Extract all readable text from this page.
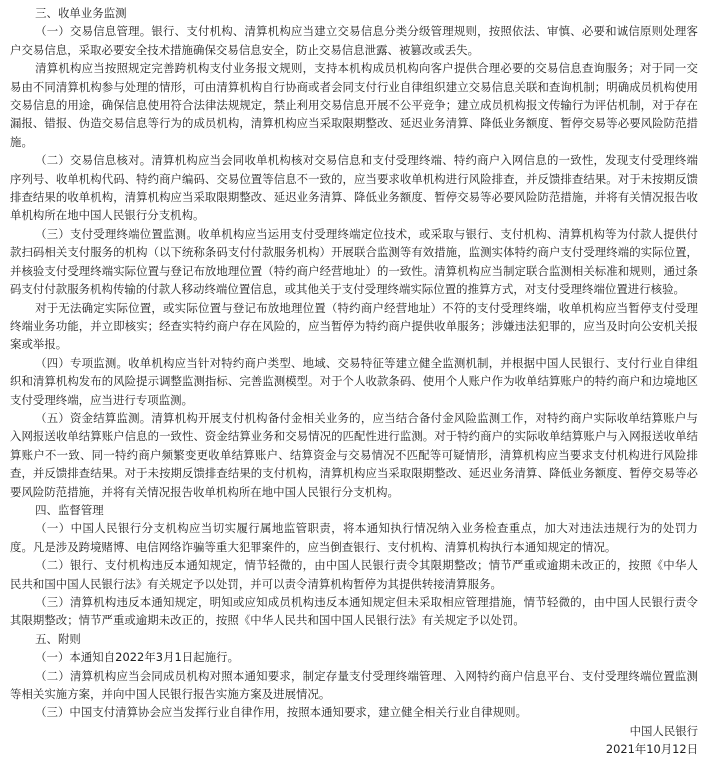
三、收单业务监测

（一）交易信息管理。银行、支付机构、清算机构应当建立交易信息分类分级管理规则，按照依法、审慎、必要和诚信原则处理客户交易信息，采取必要安全技术措施确保交易信息安全，防止交易信息泄露、被篡改或丢失。

清算机构应当按照规定完善跨机构支付业务报文规则，支持本机构成员机构向客户提供合理必要的交易信息查询服务；对于同一交易由不同清算机构参与处理的情形，可由清算机构自行协商或者会同支付行业自律组织建立交易信息关联和查询机制；明确成员机构使用交易信息的用途，确保信息使用符合法律法规规定，禁止利用交易信息开展不公平竞争；建立成员机构报文传输行为评估机制，对于存在漏报、错报、伪造交易信息等行为的成员机构，清算机构应当采取限期整改、延迟业务清算、降低业务额度、暂停交易等必要风险防范措施。

（二）交易信息核对。清算机构应当会同收单机构核对交易信息和支付受理终端、特约商户入网信息的一致性，发现支付受理终端序列号、收单机构代码、特约商户编码、交易位置等信息不一致的，应当要求收单机构进行风险排查，并反馈排查结果。对于未按期反馈排查结果的收单机构，清算机构应当采取限期整改、延迟业务清算、降低业务额度、暂停交易等必要风险防范措施，并将有关情况报告收单机构所在地中国人民银行分支机构。

（三）支付受理终端位置监测。收单机构应当运用支付受理终端定位技术，或采取与银行、支付机构、清算机构等为付款人提供付款扫码相关支付服务的机构（以下统称条码支付付款服务机构）开展联合监测等有效措施，监测实体特约商户支付受理终端的实际位置，并核验支付受理终端实际位置与登记布放地理位置（特约商户经营地址）的一致性。清算机构应当制定联合监测相关标准和规则，通过条码支付付款服务机构传输的付款人移动终端位置信息，或其他关于支付受理终端实际位置的推算方式，对支付受理终端位置进行核验。

对于无法确定实际位置，或实际位置与登记布放地理位置（特约商户经营地址）不符的支付受理终端，收单机构应当暂停支付受理终端业务功能，并立即核实；经查实特约商户存在风险的，应当暂停为特约商户提供收单服务；涉嫌违法犯罪的，应当及时向公安机关报案或举报。

（四）专项监测。收单机构应当针对特约商户类型、地域、交易特征等建立健全监测机制，并根据中国人民银行、支付行业自律组织和清算机构发布的风险提示调整监测指标、完善监测模型。对于个人收款条码、使用个人账户作为收单结算账户的特约商户和边境地区支付受理终端，应当进行专项监测。

（五）资金结算监测。清算机构开展支付机构备付金相关业务的，应当结合备付金风险监测工作，对特约商户实际收单结算账户与入网报送收单结算账户信息的一致性、资金结算业务和交易情况的匹配性进行监测。对于特约商户的实际收单结算账户与入网报送收单结算账户不一致、同一特约商户频繁变更收单结算账户、结算资金与交易情况不匹配等可疑情形，清算机构应当要求支付机构进行风险排查，并反馈排查结果。对于未按期反馈排查结果的支付机构，清算机构应当采取限期整改、延迟业务清算、降低业务额度、暂停交易等必要风险防范措施，并将有关情况报告收单机构所在地中国人民银行分支机构。

四、监督管理

（一）中国人民银行分支机构应当切实履行属地监管职责，将本通知执行情况纳入业务检查重点，加大对违法违规行为的处罚力度。凡是涉及跨境赌博、电信网络诈骗等重大犯罪案件的，应当倒查银行、支付机构、清算机构执行本通知规定的情况。

（二）银行、支付机构违反本通知规定，情节轻微的，由中国人民银行责令其限期整改；情节严重或逾期未改正的，按照《中华人民共和国中国人民银行法》有关规定予以处罚，并可以责令清算机构暂停为其提供转接清算服务。

（三）清算机构违反本通知规定，明知或应知成员机构违反本通知规定但未采取相应管理措施，情节轻微的，由中国人民银行责令其限期整改；情节严重或逾期未改正的，按照《中华人民共和国中国人民银行法》有关规定予以处罚。

五、附则

（一）本通知自2022年3月1日起施行。

（二）清算机构应当会同成员机构对照本通知要求，制定存量支付受理终端管理、入网特约商户信息平台、支付受理终端位置监测等相关实施方案，并向中国人民银行报告实施方案及进展情况。

（三）中国支付清算协会应当发挥行业自律作用，按照本通知要求，建立健全相关行业自律规则。

中国人民银行

2021年10月12日
